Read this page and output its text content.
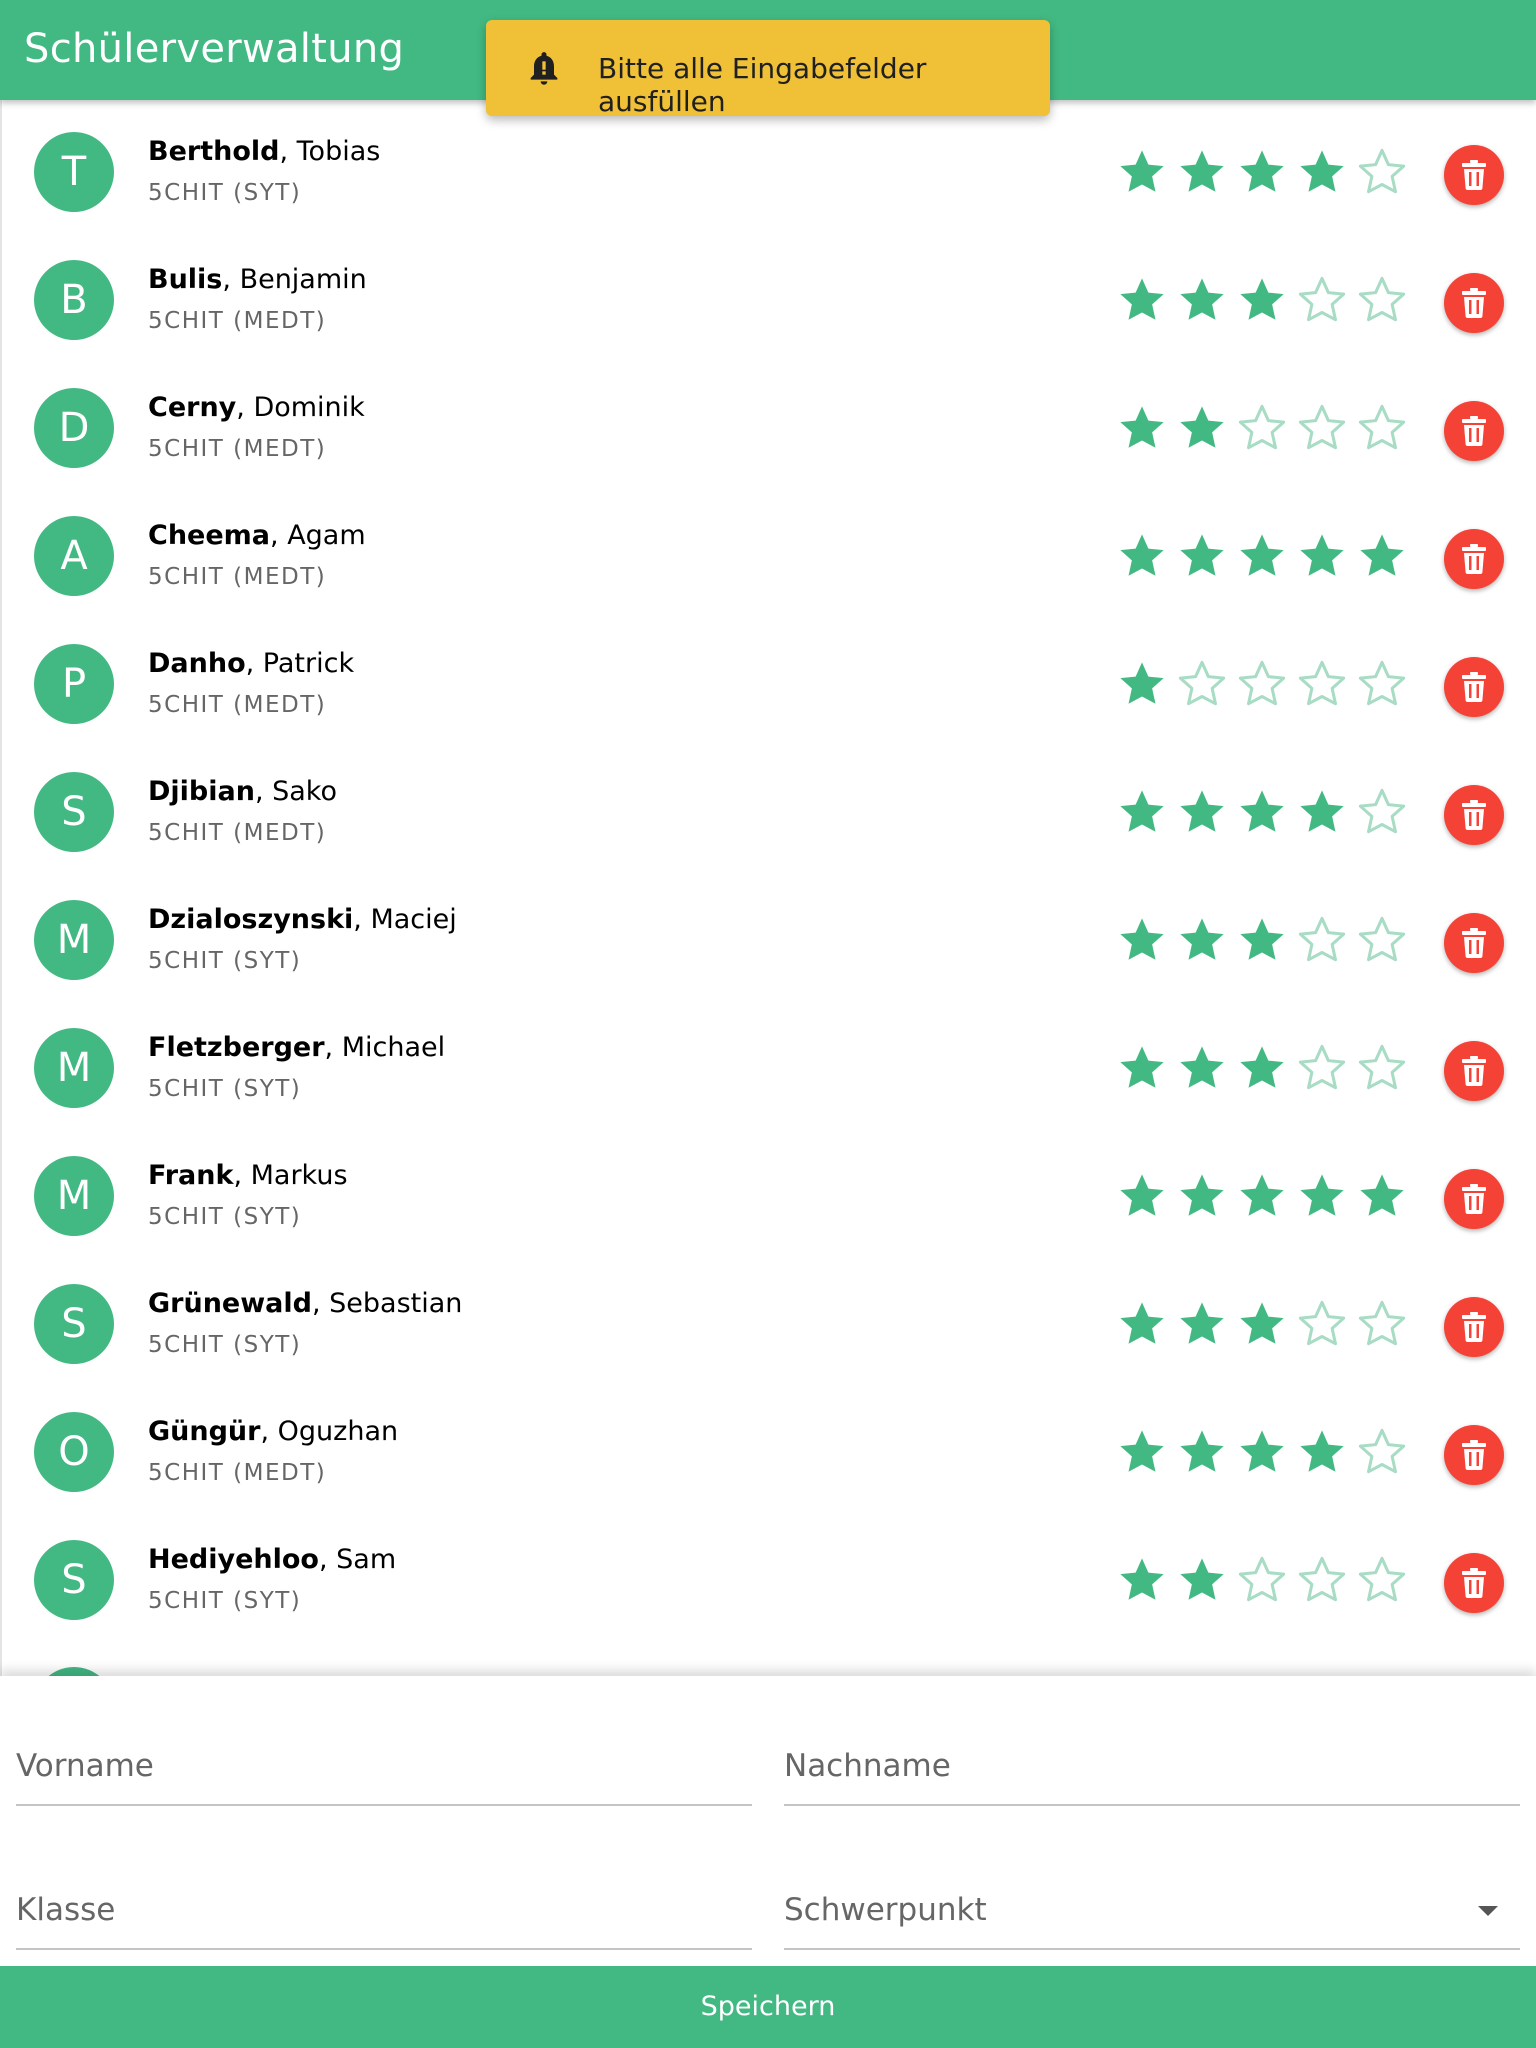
Schülerverwaltung	Bitte alle Eingabefelder ausfüllen
T	Berthold, Tobias
5CHIT (SYT)
B	Bulis, Benjamin
5CHIT (MEDT)
D	Cerny, Dominik
5CHIT (MEDT)
A	Cheema, Agam
5CHIT (MEDT)
P	Danho, Patrick
5CHIT (MEDT)
S	Djibian, Sako
5CHIT (MEDT)
M	Dzialoszynski, Maciej
5CHIT (SYT)
M	Fletzberger, Michael
5CHIT (SYT)
M	Frank, Markus
5CHIT (SYT)
S	Grünewald, Sebastian
5CHIT (SYT)
O	Güngür, Oguzhan
5CHIT (MEDT)
S	Hediyehloo, Sam
5CHIT (SYT)
Vorname	Nachname
Klasse	Schwerpunkt
Speichern
